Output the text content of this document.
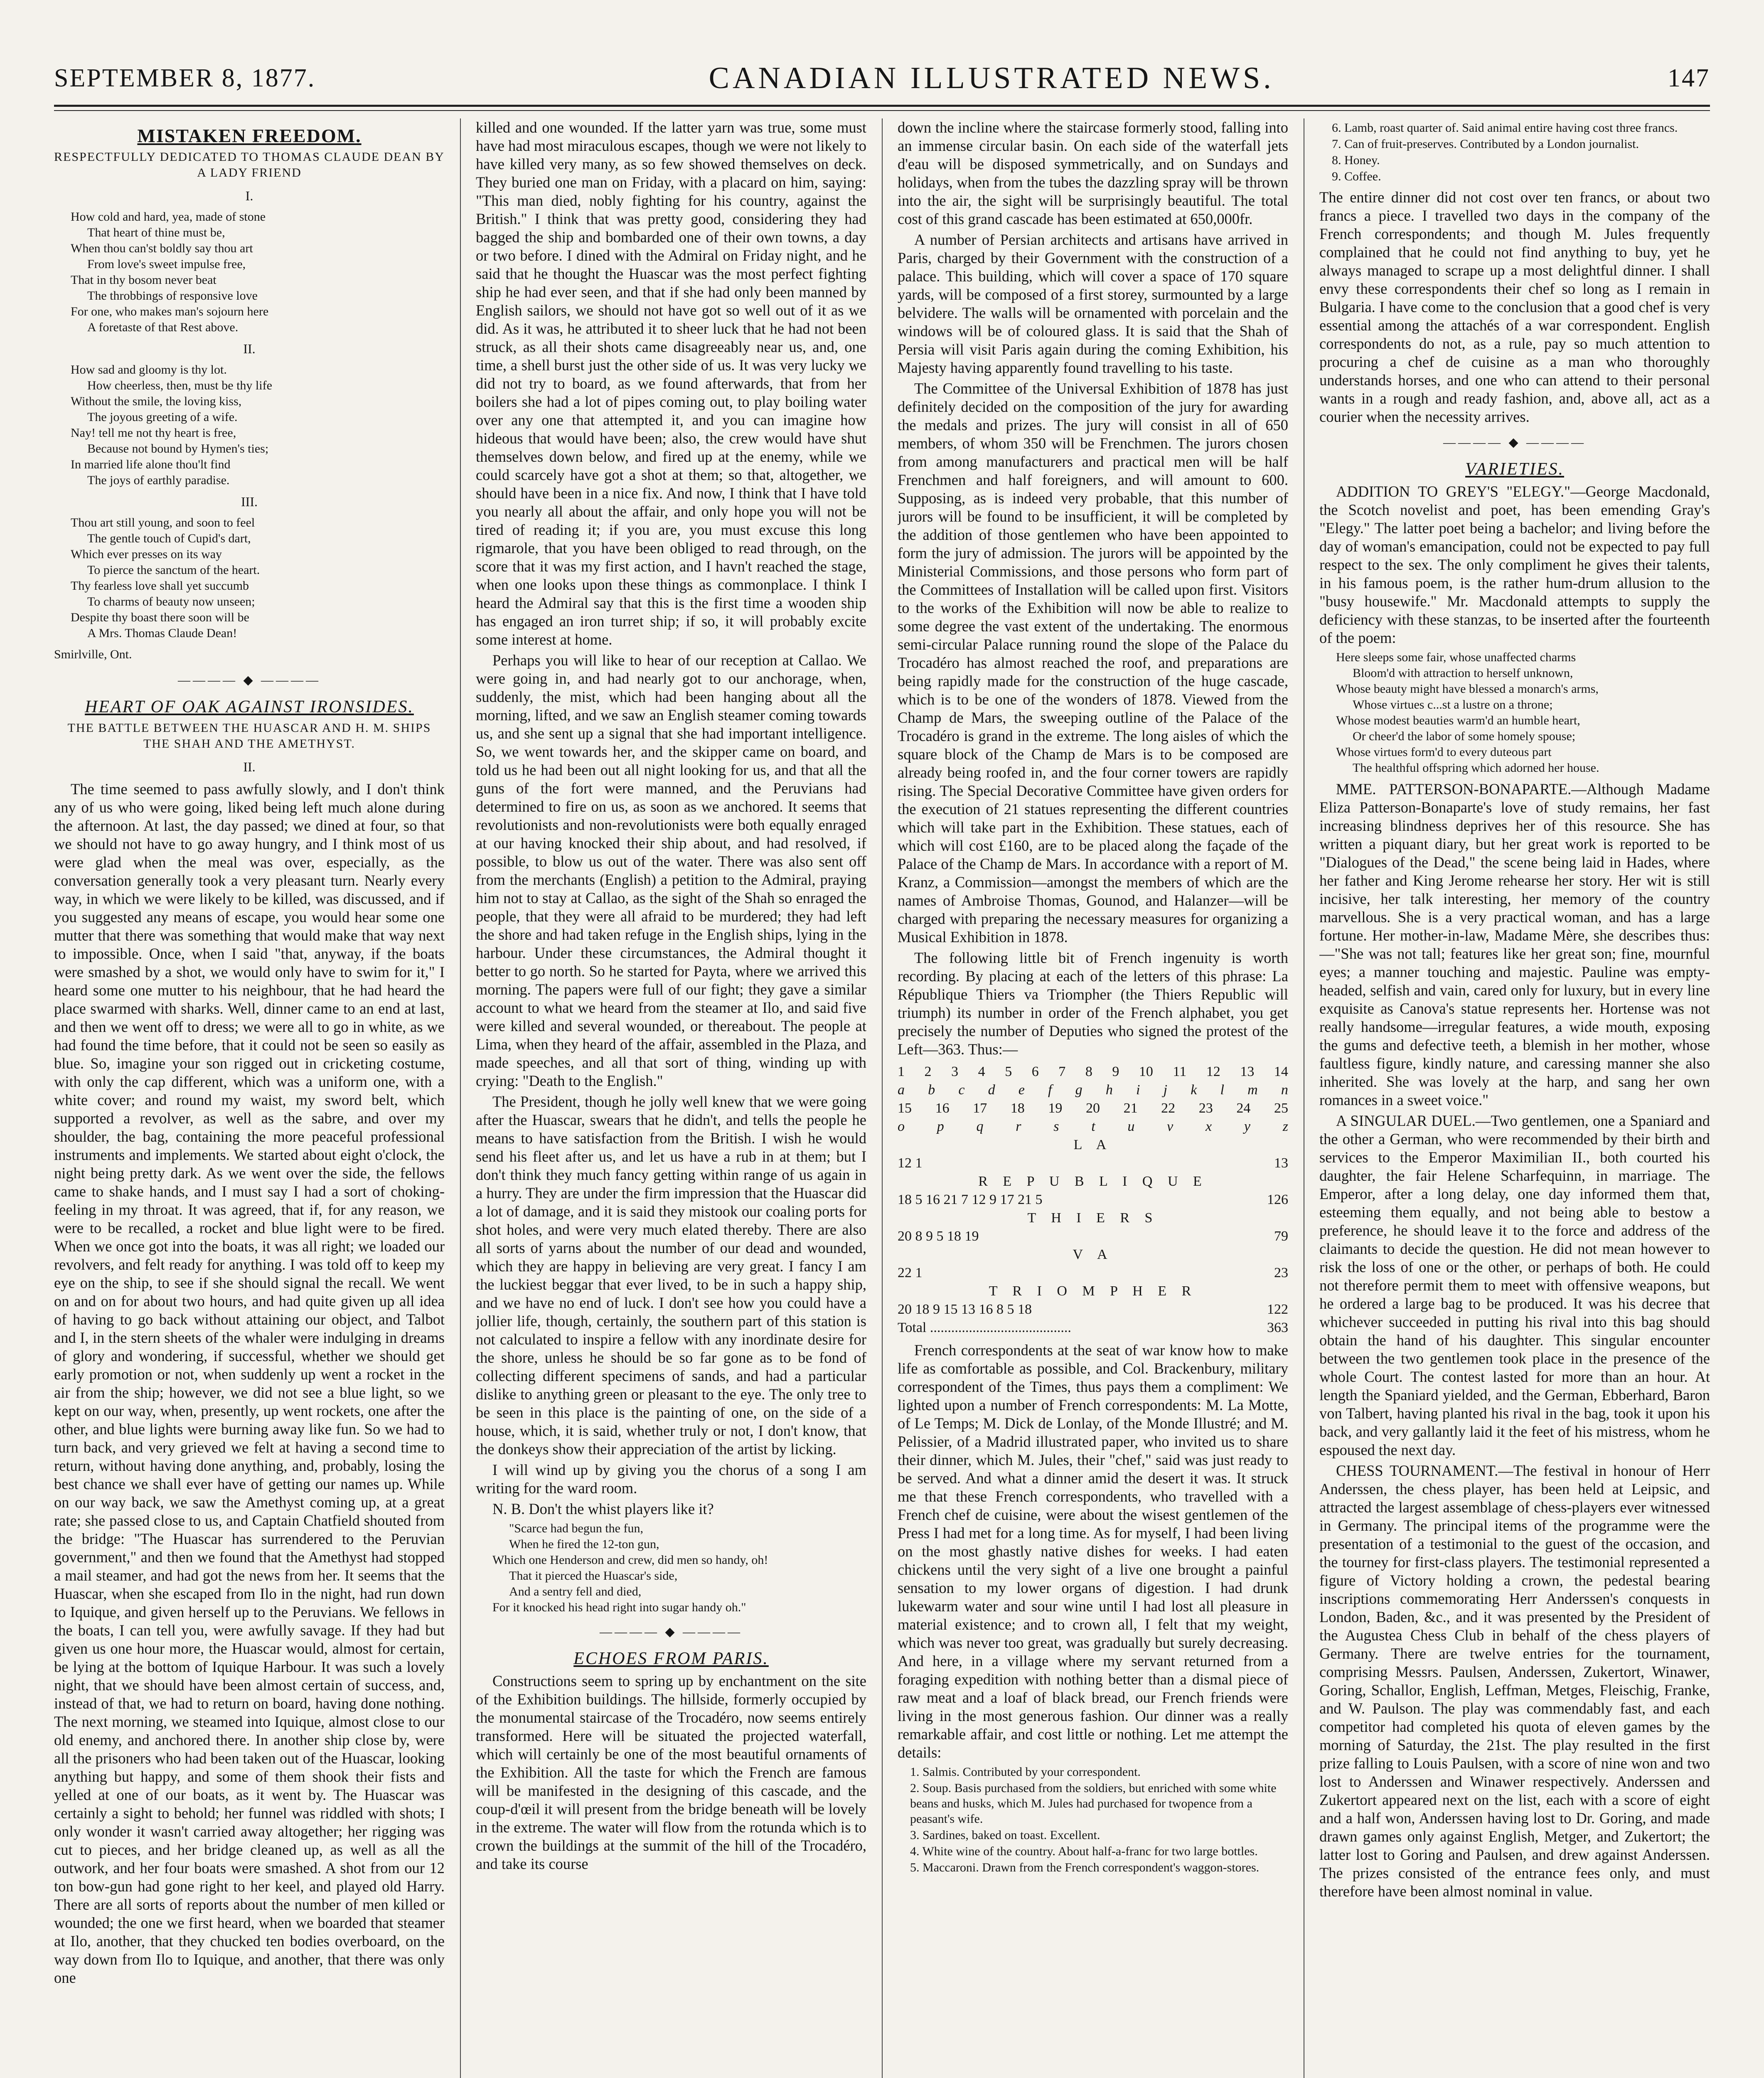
SEPTEMBER 8, 1877.	CANADIAN ILLUSTRATED NEWS.	147
MISTAKEN FREEDOM.
RESPECTFULLY DEDICATED TO THOMAS CLAUDE DEAN BY A LADY FRIEND
I.
How cold and hard, yea, made of stone
That heart of thine must be,
When thou can'st boldly say thou art
From love's sweet impulse free,
That in thy bosom never beat
The throbbings of responsive love
For one, who makes man's sojourn here
A foretaste of that Rest above.
II.
How sad and gloomy is thy lot.
How cheerless, then, must be thy life
Without the smile, the loving kiss,
The joyous greeting of a wife.
Nay! tell me not thy heart is free,
Because not bound by Hymen's ties;
In married life alone thou'lt find
The joys of earthly paradise.
III.
Thou art still young, and soon to feel
The gentle touch of Cupid's dart,
Which ever presses on its way
To pierce the sanctum of the heart.
Thy fearless love shall yet succumb
To charms of beauty now unseen;
Despite thy boast there soon will be
A Mrs. Thomas Claude Dean!
Smirlville, Ont.
———— ◆ ————
HEART OF OAK AGAINST IRONSIDES.
THE BATTLE BETWEEN THE HUASCAR AND H. M. SHIPS THE SHAH AND THE AMETHYST.
II.

The time seemed to pass awfully slowly, and I don't think any of us who were going, liked being left much alone during the afternoon. At last, the day passed; we dined at four, so that we should not have to go away hungry, and I think most of us were glad when the meal was over, especially, as the conversation generally took a very pleasant turn. Nearly every way, in which we were likely to be killed, was discussed, and if you suggested any means of escape, you would hear some one mutter that there was something that would make that way next to impossible. Once, when I said "that, anyway, if the boats were smashed by a shot, we would only have to swim for it," I heard some one mutter to his neighbour, that he had heard the place swarmed with sharks. Well, dinner came to an end at last, and then we went off to dress; we were all to go in white, as we had found the time before, that it could not be seen so easily as blue. So, imagine your son rigged out in cricketing costume, with only the cap different, which was a uniform one, with a white cover; and round my waist, my sword belt, which supported a revolver, as well as the sabre, and over my shoulder, the bag, containing the more peaceful professional instruments and implements. We started about eight o'clock, the night being pretty dark. As we went over the side, the fellows came to shake hands, and I must say I had a sort of choking-feeling in my throat. It was agreed, that if, for any reason, we were to be recalled, a rocket and blue light were to be fired. When we once got into the boats, it was all right; we loaded our revolvers, and felt ready for anything. I was told off to keep my eye on the ship, to see if she should signal the recall. We went on and on for about two hours, and had quite given up all idea of having to go back without attaining our object, and Talbot and I, in the stern sheets of the whaler were indulging in dreams of glory and wondering, if successful, whether we should get early promotion or not, when suddenly up went a rocket in the air from the ship; however, we did not see a blue light, so we kept on our way, when, presently, up went rockets, one after the other, and blue lights were burning away like fun. So we had to turn back, and very grieved we felt at having a second time to return, without having done anything, and, probably, losing the best chance we shall ever have of getting our names up. While on our way back, we saw the Amethyst coming up, at a great rate; she passed close to us, and Captain Chatfield shouted from the bridge: "The Huascar has surrendered to the Peruvian government," and then we found that the Amethyst had stopped a mail steamer, and had got the news from her. It seems that the Huascar, when she escaped from Ilo in the night, had run down to Iquique, and given herself up to the Peruvians. We fellows in the boats, I can tell you, were awfully savage. If they had but given us one hour more, the Huascar would, almost for certain, be lying at the bottom of Iquique Harbour. It was such a lovely night, that we should have been almost certain of success, and, instead of that, we had to return on board, having done nothing. The next morning, we steamed into Iquique, almost close to our old enemy, and anchored there. In another ship close by, were all the prisoners who had been taken out of the Huascar, looking anything but happy, and some of them shook their fists and yelled at one of our boats, as it went by. The Huascar was certainly a sight to behold; her funnel was riddled with shots; I only wonder it wasn't carried away altogether; her rigging was cut to pieces, and her bridge cleaned up, as well as all the outwork, and her four boats were smashed. A shot from our 12 ton bow-gun had gone right to her keel, and played old Harry. There are all sorts of reports about the number of men killed or wounded; the one we first heard, when we boarded that steamer at Ilo, another, that they chucked ten bodies overboard, on the way down from Ilo to Iquique, and another, that there was only one

killed and one wounded. If the latter yarn was true, some must have had most miraculous escapes, though we were not likely to have killed very many, as so few showed themselves on deck. They buried one man on Friday, with a placard on him, saying: "This man died, nobly fighting for his country, against the British." I think that was pretty good, considering they had bagged the ship and bombarded one of their own towns, a day or two before. I dined with the Admiral on Friday night, and he said that he thought the Huascar was the most perfect fighting ship he had ever seen, and that if she had only been manned by English sailors, we should not have got so well out of it as we did. As it was, he attributed it to sheer luck that he had not been struck, as all their shots came disagreeably near us, and, one time, a shell burst just the other side of us. It was very lucky we did not try to board, as we found afterwards, that from her boilers she had a lot of pipes coming out, to play boiling water over any one that attempted it, and you can imagine how hideous that would have been; also, the crew would have shut themselves down below, and fired up at the enemy, while we could scarcely have got a shot at them; so that, altogether, we should have been in a nice fix. And now, I think that I have told you nearly all about the affair, and only hope you will not be tired of reading it; if you are, you must excuse this long rigmarole, that you have been obliged to read through, on the score that it was my first action, and I havn't reached the stage, when one looks upon these things as commonplace. I think I heard the Admiral say that this is the first time a wooden ship has engaged an iron turret ship; if so, it will probably excite some interest at home.

Perhaps you will like to hear of our reception at Callao. We were going in, and had nearly got to our anchorage, when, suddenly, the mist, which had been hanging about all the morning, lifted, and we saw an English steamer coming towards us, and she sent up a signal that she had important intelligence. So, we went towards her, and the skipper came on board, and told us he had been out all night looking for us, and that all the guns of the fort were manned, and the Peruvians had determined to fire on us, as soon as we anchored. It seems that revolutionists and non-revolutionists were both equally enraged at our having knocked their ship about, and had resolved, if possible, to blow us out of the water. There was also sent off from the merchants (English) a petition to the Admiral, praying him not to stay at Callao, as the sight of the Shah so enraged the people, that they were all afraid to be murdered; they had left the shore and had taken refuge in the English ships, lying in the harbour. Under these circumstances, the Admiral thought it better to go north. So he started for Payta, where we arrived this morning. The papers were full of our fight; they gave a similar account to what we heard from the steamer at Ilo, and said five were killed and several wounded, or thereabout. The people at Lima, when they heard of the affair, assembled in the Plaza, and made speeches, and all that sort of thing, winding up with crying: "Death to the English."

The President, though he jolly well knew that we were going after the Huascar, swears that he didn't, and tells the people he means to have satisfaction from the British. I wish he would send his fleet after us, and let us have a rub in at them; but I don't think they much fancy getting within range of us again in a hurry. They are under the firm impression that the Huascar did a lot of damage, and it is said they mistook our coaling ports for shot holes, and were very much elated thereby. There are also all sorts of yarns about the number of our dead and wounded, which they are happy in believing are very great. I fancy I am the luckiest beggar that ever lived, to be in such a happy ship, and we have no end of luck. I don't see how you could have a jollier life, though, certainly, the southern part of this station is not calculated to inspire a fellow with any inordinate desire for the shore, unless he should be so far gone as to be fond of collecting different specimens of sands, and had a particular dislike to anything green or pleasant to the eye. The only tree to be seen in this place is the painting of one, on the side of a house, which, it is said, whether truly or not, I don't know, that the donkeys show their appreciation of the artist by licking.

I will wind up by giving you the chorus of a song I am writing for the ward room.

N. B. Don't the whist players like it?

"Scarce had begun the fun,
When he fired the 12-ton gun,
Which one Henderson and crew, did men so handy, oh!
That it pierced the Huascar's side,
And a sentry fell and died,
For it knocked his head right into sugar handy oh."
———— ◆ ————
ECHOES FROM PARIS.

Constructions seem to spring up by enchantment on the site of the Exhibition buildings. The hillside, formerly occupied by the monumental staircase of the Trocadéro, now seems entirely transformed. Here will be situated the projected waterfall, which will certainly be one of the most beautiful ornaments of the Exhibition. All the taste for which the French are famous will be manifested in the designing of this cascade, and the coup-d'œil it will present from the bridge beneath will be lovely in the extreme. The water will flow from the rotunda which is to crown the buildings at the summit of the hill of the Trocadéro, and take its course

down the incline where the staircase formerly stood, falling into an immense circular basin. On each side of the waterfall jets d'eau will be disposed symmetrically, and on Sundays and holidays, when from the tubes the dazzling spray will be thrown into the air, the sight will be surprisingly beautiful. The total cost of this grand cascade has been estimated at 650,000fr.

A number of Persian architects and artisans have arrived in Paris, charged by their Government with the construction of a palace. This building, which will cover a space of 170 square yards, will be composed of a first storey, surmounted by a large belvidere. The walls will be ornamented with porcelain and the windows will be of coloured glass. It is said that the Shah of Persia will visit Paris again during the coming Exhibition, his Majesty having apparently found travelling to his taste.

The Committee of the Universal Exhibition of 1878 has just definitely decided on the composition of the jury for awarding the medals and prizes. The jury will consist in all of 650 members, of whom 350 will be Frenchmen. The jurors chosen from among manufacturers and practical men will be half Frenchmen and half foreigners, and will amount to 600. Supposing, as is indeed very probable, that this number of jurors will be found to be insufficient, it will be completed by the addition of those gentlemen who have been appointed to form the jury of admission. The jurors will be appointed by the Ministerial Commissions, and those persons who form part of the Committees of Installation will be called upon first. Visitors to the works of the Exhibition will now be able to realize to some degree the vast extent of the undertaking. The enormous semi-circular Palace running round the slope of the Palace du Trocadéro has almost reached the roof, and preparations are being rapidly made for the construction of the huge cascade, which is to be one of the wonders of 1878. Viewed from the Champ de Mars, the sweeping outline of the Palace of the Trocadéro is grand in the extreme. The long aisles of which the square block of the Champ de Mars is to be composed are already being roofed in, and the four corner towers are rapidly rising. The Special Decorative Committee have given orders for the execution of 21 statues representing the different countries which will take part in the Exhibition. These statues, each of which will cost £160, are to be placed along the façade of the Palace of the Champ de Mars. In accordance with a report of M. Kranz, a Commission—amongst the members of which are the names of Ambroise Thomas, Gounod, and Halanzer—will be charged with preparing the necessary measures for organizing a Musical Exhibition in 1878.

The following little bit of French ingenuity is worth recording. By placing at each of the letters of this phrase: La République Thiers va Triompher (the Thiers Republic will triumph) its number in order of the French alphabet, you get precisely the number of Deputies who signed the protest of the Left—363. Thus:—

1 2 3 4 5 6 7 8 9 10 11 12 13 14
a b c d e f g h i j k l m n
15 16 17 18 19 20 21 22 23 24 25
o p q r s t u v x y z
L A
12 1	13
R E P U B L I Q U E
18 5 16 21 7 12 9 17 21 5	126
T H I E R S
20 8 9 5 18 19	79
V A
22 1	23
T R I O M P H E R
20 18 9 15 13 16 8 5 18	122
Total ........................................	363

French correspondents at the seat of war know how to make life as comfortable as possible, and Col. Brackenbury, military correspondent of the Times, thus pays them a compliment: We lighted upon a number of French correspondents: M. La Motte, of Le Temps; M. Dick de Lonlay, of the Monde Illustré; and M. Pelissier, of a Madrid illustrated paper, who invited us to share their dinner, which M. Jules, their "chef," said was just ready to be served. And what a dinner amid the desert it was. It struck me that these French correspondents, who travelled with a French chef de cuisine, were about the wisest gentlemen of the Press I had met for a long time. As for myself, I had been living on the most ghastly native dishes for weeks. I had eaten chickens until the very sight of a live one brought a painful sensation to my lower organs of digestion. I had drunk lukewarm water and sour wine until I had lost all pleasure in material existence; and to crown all, I felt that my weight, which was never too great, was gradually but surely decreasing. And here, in a village where my servant returned from a foraging expedition with nothing better than a dismal piece of raw meat and a loaf of black bread, our French friends were living in the most generous fashion. Our dinner was a really remarkable affair, and cost little or nothing. Let me attempt the details:

1. Salmis. Contributed by your correspondent.
2. Soup. Basis purchased from the soldiers, but enriched with some white beans and husks, which M. Jules had purchased for twopence from a peasant's wife.
3. Sardines, baked on toast. Excellent.
4. White wine of the country. About half-a-franc for two large bottles.
5. Maccaroni. Drawn from the French correspondent's waggon-stores.
6. Lamb, roast quarter of. Said animal entire having cost three francs.
7. Can of fruit-preserves. Contributed by a London journalist.
8. Honey.
9. Coffee.

The entire dinner did not cost over ten francs, or about two francs a piece. I travelled two days in the company of the French correspondents; and though M. Jules frequently complained that he could not find anything to buy, yet he always managed to scrape up a most delightful dinner. I shall envy these correspondents their chef so long as I remain in Bulgaria. I have come to the conclusion that a good chef is very essential among the attachés of a war correspondent. English correspondents do not, as a rule, pay so much attention to procuring a chef de cuisine as a man who thoroughly understands horses, and one who can attend to their personal wants in a rough and ready fashion, and, above all, act as a courier when the necessity arrives.

———— ◆ ————
VARIETIES.

ADDITION TO GREY'S "ELEGY."—George Macdonald, the Scotch novelist and poet, has been emending Gray's "Elegy." The latter poet being a bachelor; and living before the day of woman's emancipation, could not be expected to pay full respect to the sex. The only compliment he gives their talents, in his famous poem, is the rather hum-drum allusion to the "busy housewife." Mr. Macdonald attempts to supply the deficiency with these stanzas, to be inserted after the fourteenth of the poem:

Here sleeps some fair, whose unaffected charms
Bloom'd with attraction to herself unknown,
Whose beauty might have blessed a monarch's arms,
Whose virtues c...st a lustre on a throne;
Whose modest beauties warm'd an humble heart,
Or cheer'd the labor of some homely spouse;
Whose virtues form'd to every duteous part
The healthful offspring which adorned her house.

MME. PATTERSON-BONAPARTE.—Although Madame Eliza Patterson-Bonaparte's love of study remains, her fast increasing blindness deprives her of this resource. She has written a piquant diary, but her great work is reported to be "Dialogues of the Dead," the scene being laid in Hades, where her father and King Jerome rehearse her story. Her wit is still incisive, her talk interesting, her memory of the country marvellous. She is a very practical woman, and has a large fortune. Her mother-in-law, Madame Mère, she describes thus:—"She was not tall; features like her great son; fine, mournful eyes; a manner touching and majestic. Pauline was empty-headed, selfish and vain, cared only for luxury, but in every line exquisite as Canova's statue represents her. Hortense was not really handsome—irregular features, a wide mouth, exposing the gums and defective teeth, a blemish in her mother, whose faultless figure, kindly nature, and caressing manner she also inherited. She was lovely at the harp, and sang her own romances in a sweet voice."

A SINGULAR DUEL.—Two gentlemen, one a Spaniard and the other a German, who were recommended by their birth and services to the Emperor Maximilian II., both courted his daughter, the fair Helene Scharfequinn, in marriage. The Emperor, after a long delay, one day informed them that, esteeming them equally, and not being able to bestow a preference, he should leave it to the force and address of the claimants to decide the question. He did not mean however to risk the loss of one or the other, or perhaps of both. He could not therefore permit them to meet with offensive weapons, but he ordered a large bag to be produced. It was his decree that whichever succeeded in putting his rival into this bag should obtain the hand of his daughter. This singular encounter between the two gentlemen took place in the presence of the whole Court. The contest lasted for more than an hour. At length the Spaniard yielded, and the German, Ebberhard, Baron von Talbert, having planted his rival in the bag, took it upon his back, and very gallantly laid it the feet of his mistress, whom he espoused the next day.

CHESS TOURNAMENT.—The festival in honour of Herr Anderssen, the chess player, has been held at Leipsic, and attracted the largest assemblage of chess-players ever witnessed in Germany. The principal items of the programme were the presentation of a testimonial to the guest of the occasion, and the tourney for first-class players. The testimonial represented a figure of Victory holding a crown, the pedestal bearing inscriptions commemorating Herr Anderssen's conquests in London, Baden, &c., and it was presented by the President of the Augustea Chess Club in behalf of the chess players of Germany. There are twelve entries for the tournament, comprising Messrs. Paulsen, Anderssen, Zukertort, Winawer, Goring, Schallor, English, Leffman, Metges, Fleischig, Franke, and W. Paulson. The play was commendably fast, and each competitor had completed his quota of eleven games by the morning of Saturday, the 21st. The play resulted in the first prize falling to Louis Paulsen, with a score of nine won and two lost to Anderssen and Winawer respectively. Anderssen and Zukertort appeared next on the list, each with a score of eight and a half won, Anderssen having lost to Dr. Goring, and made drawn games only against English, Metger, and Zukertort; the latter lost to Goring and Paulsen, and drew against Anderssen. The prizes consisted of the entrance fees only, and must therefore have been almost nominal in value.
